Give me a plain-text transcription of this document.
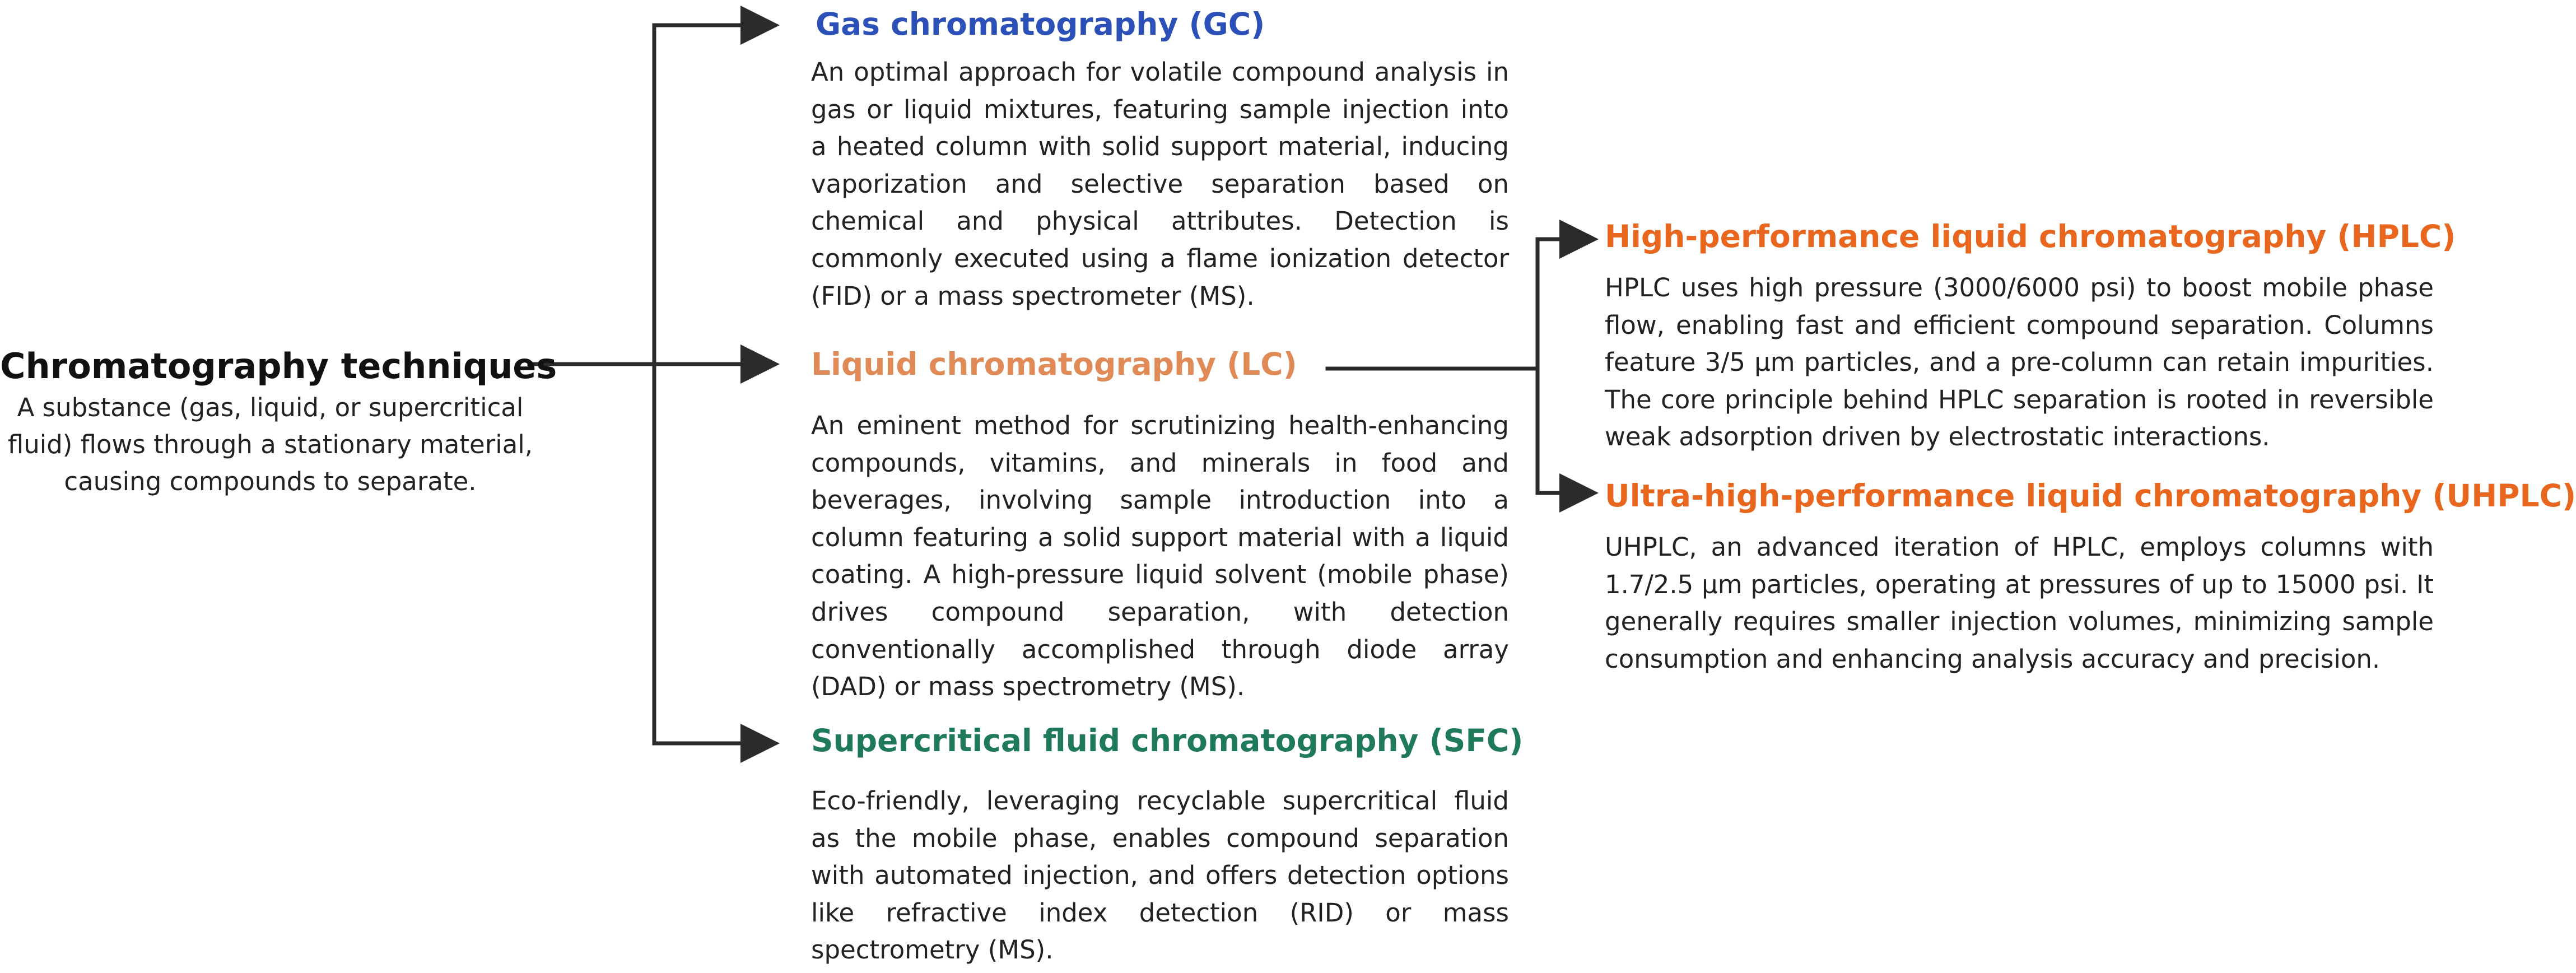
Chromatography techniques
A substance (gas, liquid, or supercritical fluid) flows through a stationary material, causing compounds to separate.
Gas chromatography (GC)
An optimal approach for volatile compound analysis in gas or liquid mixtures, featuring sample injection into a heated column with solid support material, inducing vaporization and selective separation based on chemical and physical attributes. Detection is commonly executed using a flame ionization detector (FID) or a mass spectrometer (MS).
Liquid chromatography (LC)
An eminent method for scrutinizing health-enhancing compounds, vitamins, and minerals in food and beverages, involving sample introduction into a column featuring a solid support material with a liquid coating. A high-pressure liquid solvent (mobile phase) drives compound separation, with detection conventionally accomplished through diode array (DAD) or mass spectrometry (MS).
Supercritical fluid chromatography (SFC)
Eco-friendly, leveraging recyclable supercritical fluid as the mobile phase, enables compound separation with automated injection, and offers detection options like refractive index detection (RID) or mass spectrometry (MS).
High-performance liquid chromatography (HPLC)
HPLC uses high pressure (3000/6000 psi) to boost mobile phase flow, enabling fast and efficient compound separation. Columns feature 3/5 μm particles, and a pre-column can retain impurities. The core principle behind HPLC separation is rooted in reversible weak adsorption driven by electrostatic interactions.
Ultra-high-performance liquid chromatography (UHPLC)
UHPLC, an advanced iteration of HPLC, employs columns with 1.7/2.5 μm particles, operating at pressures of up to 15000 psi. It generally requires smaller injection volumes, minimizing sample consumption and enhancing analysis accuracy and precision.
